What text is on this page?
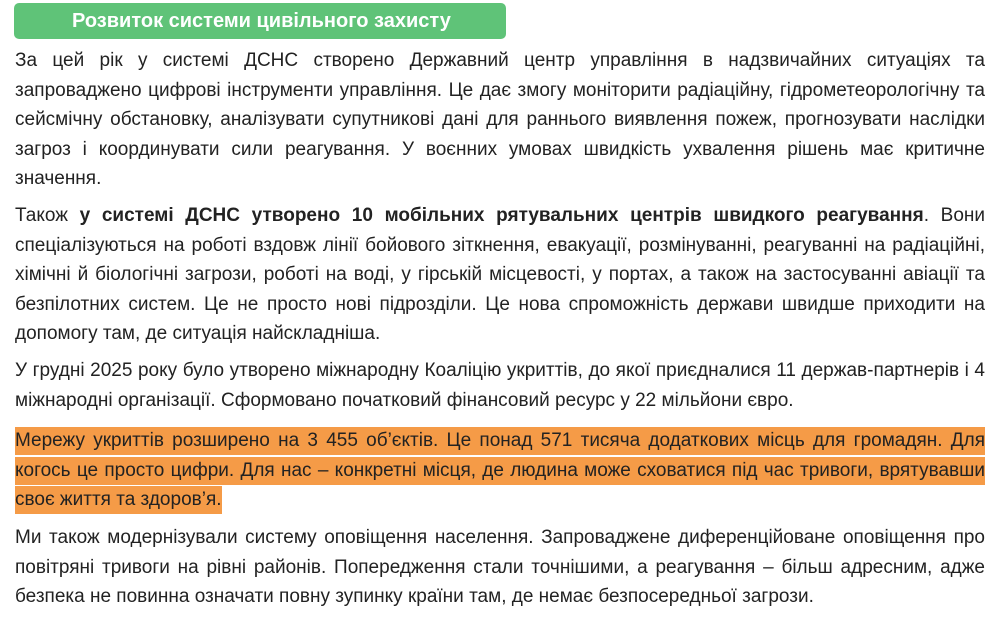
Розвиток системи цивільного захисту

За цей рік у системі ДСНС створено Державний центр управління в надзвичайних ситуаціях та запроваджено цифрові інструменти управління. Це дає змогу моніторити радіаційну, гідрометеорологічну та сейсмічну обстановку, аналізувати супутникові дані для раннього виявлення пожеж, прогнозувати наслідки загроз і координувати сили реагування. У воєнних умовах швидкість ухвалення рішень має критичне значення.

Також у системі ДСНС утворено 10 мобільних рятувальних центрів швидкого реагування. Вони спеціалізуються на роботі вздовж лінії бойового зіткнення, евакуації, розмінуванні, реагуванні на радіаційні, хімічні й біологічні загрози, роботі на воді, у гірській місцевості, у портах, а також на застосуванні авіації та безпілотних систем. Це не просто нові підрозділи. Це нова спроможність держави швидше приходити на допомогу там, де ситуація найскладніша.

У грудні 2025 року було утворено міжнародну Коаліцію укриттів, до якої приєдналися 11 держав-партнерів і 4 міжнародні організації. Сформовано початковий фінансовий ресурс у 22 мільйони євро.

Мережу укриттів розширено на 3 455 об’єктів. Це понад 571 тисяча додаткових місць для громадян. Для когось це просто цифри. Для нас – конкретні місця, де людина може сховатися під час тривоги, врятувавши своє життя та здоров’я.

Ми також модернізували систему оповіщення населення. Запроваджене диференційоване оповіщення про повітряні тривоги на рівні районів. Попередження стали точнішими, а реагування – більш адресним, адже безпека не повинна означати повну зупинку країни там, де немає безпосередньої загрози.
